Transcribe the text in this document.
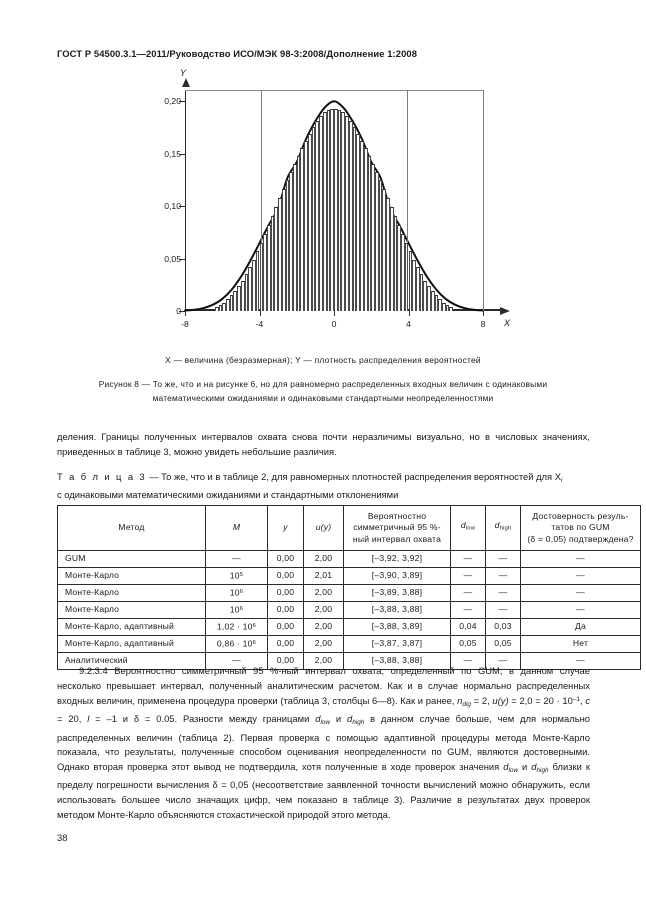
ГОСТ Р 54500.3.1—2011/Руководство ИСО/МЭК 98-3:2008/Дополнение 1:2008
Y
X
0
0,05
0,10
0,15
0,20
-8	-4	0	4	8
X — величина (безразмерная); Y — плотность распределения вероятностей
Рисунок 8 — То же, что и на рисунке 6, но для равномерно распределенных входных величин с одинаковыми математическими ожиданиями и одинаковыми стандартными неопределенностями
деления. Границы полученных интервалов охвата снова почти неразличимы визуально, но в числовых значениях, приведенных в таблице 3, можно увидеть небольшие различия.
Т а б л и ц а 3 — То же, что и в таблице 2, для равномерных плотностей распределения вероятностей для $X_i$
с одинаковыми математическими ожиданиями и стандартными отклонениями
Метод	M	y	u(y)	Вероятностно симметричный 95 %-ный интервал охвата	$d_{low}$	$d_{high}$	Достоверность резуль-
татов по GUM
(δ = 0,05) подтверждена?
GUM	—	0,00	2,00	[–3,92, 3,92]	—	—	—
Монте-Карло	$10^5$	0,00	2,01	[–3,90, 3,89]	—	—	—
Монте-Карло	$10^6$	0,00	2,00	[–3,89, 3,88]	—	—	—
Монте-Карло	$10^6$	0,00	2,00	[–3,88, 3,88]	—	—	—
Монте-Карло, адаптивный	$1,02 \cdot 10^6$	0,00	2,00	[–3,88, 3,89]	0,04	0,03	Да
Монте-Карло, адаптивный	$0,86 \cdot 10^6$	0,00	2,00	[–3,87, 3,87]	0,05	0,05	Нет
Аналитический	—	0,00	2,00	[–3,88, 3,88]	—	—	—
9.2.3.4 Вероятностно симметричный 95 %-ный интервал охвата, определенный по GUM, в данном случае несколько превышает интервал, полученный аналитическим расчетом. Как и в случае нормально распределенных входных величин, применена процедура проверки (таблица 3, столбцы 6—8). Как и ранее, $n_{dig} = 2$, $u(y) = 2,0 = 20 \cdot 10^{-1}$, c = 20, l = –1 и δ = 0.05. Разности между границами $d_{low}$ и $d_{high}$ в данном случае больше, чем для нормально распределенных величин (таблица 2). Первая проверка с помощью адаптивной процедуры метода Монте-Карло показала, что результаты, полученные способом оценивания неопределенности по GUM, являются достоверными. Однако вторая проверка этот вывод не подтвердила, хотя полученные в ходе проверок значения $d_{low}$ и $d_{high}$ близки к пределу погрешности вычисления δ = 0,05 (несоответствие заявленной точности вычислений можно обнаружить, если использовать большее число значащих цифр, чем показано в таблице 3). Различие в результатах двух проверок методом Монте-Карло объясняются стохастической природой этого метода.
38
